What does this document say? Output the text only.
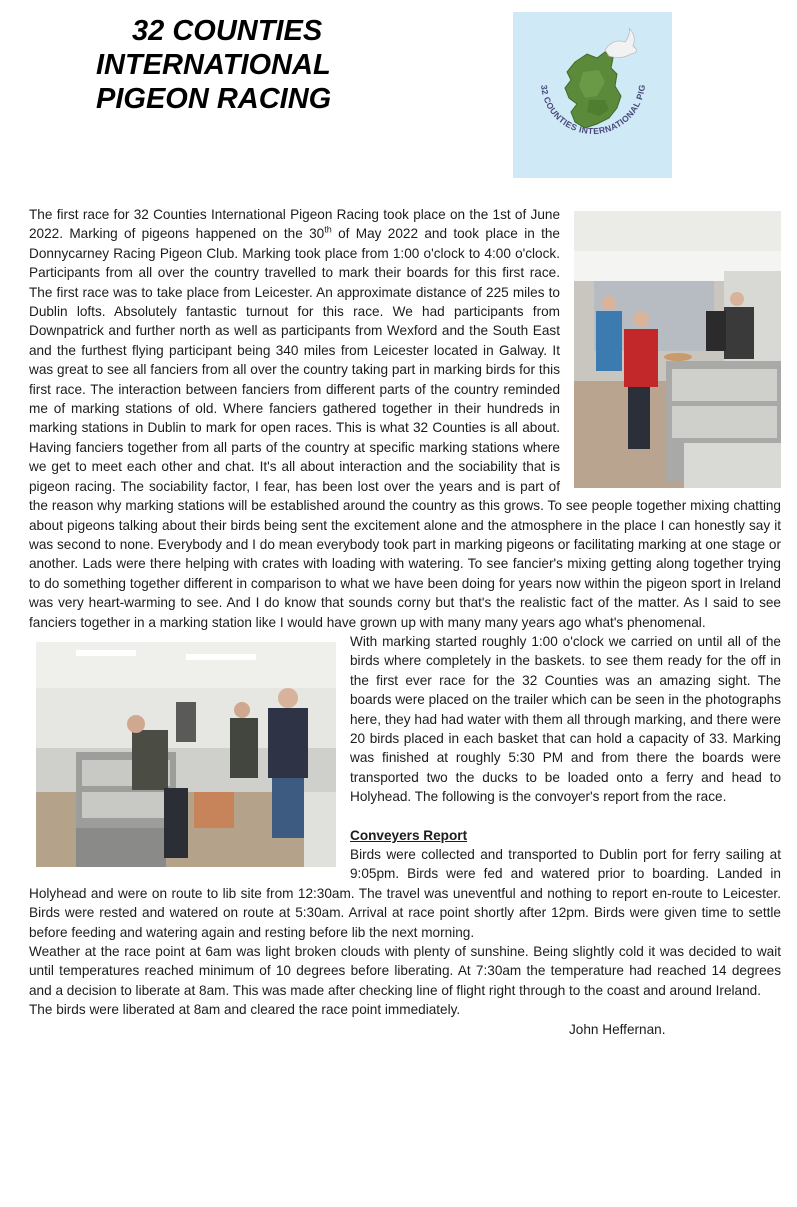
32 COUNTIES
INTERNATIONAL
PIGEON RACING	32 COUNTIES INTERNATIONAL PIG

The first race for 32 Counties International Pigeon Racing took place on the 1st of June 2022. Marking of pigeons happened on the 30th of May 2022 and took place in the Donnycarney Racing Pigeon Club. Marking took place from 1:00 o'clock to 4:00 o'clock. Participants from all over the country travelled to mark their boards for this first race. The first race was to take place from Leicester. An approximate distance of 225 miles to Dublin lofts. Absolutely fantastic turnout for this race. We had participants from Downpatrick and further north as well as participants from Wexford and the South East and the furthest flying participant being 340 miles from Leicester located in Galway. It was great to see all fanciers from all over the country taking part in marking birds for this first race. The interaction between fanciers from different parts of the country reminded me of marking stations of old. Where fanciers gathered together in their hundreds in marking stations in Dublin to mark for open races. This is what 32 Counties is all about. Having fanciers together from all parts of the country at specific marking stations where we get to meet each other and chat. It's all about interaction and the sociability that is pigeon racing. The sociability factor, I fear, has been lost over the years and is part of the reason why marking stations will be established around the country as this grows. To see people together mixing chatting about pigeons talking about their birds being sent the excitement alone and the atmosphere in the place I can honestly say it was second to none. Everybody and I do mean everybody took part in marking pigeons or facilitating marking at one stage or another. Lads were there helping with crates with loading with watering. To see fancier's mixing getting along together trying to do something together different in comparison to what we have been doing for years now within the pigeon sport in Ireland was very heart-warming to see. And I do know that sounds corny but that's the realistic fact of the matter. As I said to see fanciers together in a marking station like I would have grown up with many many years ago what's phenomenal.

With marking started roughly 1:00 o'clock we carried on until all of the birds where completely in the baskets. to see them ready for the off in the first ever race for the 32 Counties was an amazing sight. The boards were placed on the trailer which can be seen in the photographs here, they had had water with them all through marking, and there were 20 birds placed in each basket that can hold a capacity of 33. Marking was finished at roughly 5:30 PM and from there the boards were transported two the ducks to be loaded onto a ferry and head to Holyhead. The following is the convoyer's report from the race.

Conveyers Report

Birds were collected and transported to Dublin port for ferry sailing at 9:05pm. Birds were fed and watered prior to boarding. Landed in Holyhead and were on route to lib site from 12:30am. The travel was uneventful and nothing to report en-route to Leicester. Birds were rested and watered on route at 5:30am. Arrival at race point shortly after 12pm. Birds were given time to settle before feeding and watering again and resting before lib the next morning.

Weather at the race point at 6am was light broken clouds with plenty of sunshine. Being slightly cold it was decided to wait until temperatures reached minimum of 10 degrees before liberating. At 7:30am the temperature had reached 14 degrees and a decision to liberate at 8am. This was made after checking line of flight right through to the coast and around Ireland.

The birds were liberated at 8am and cleared the race point immediately.

John Heffernan.
